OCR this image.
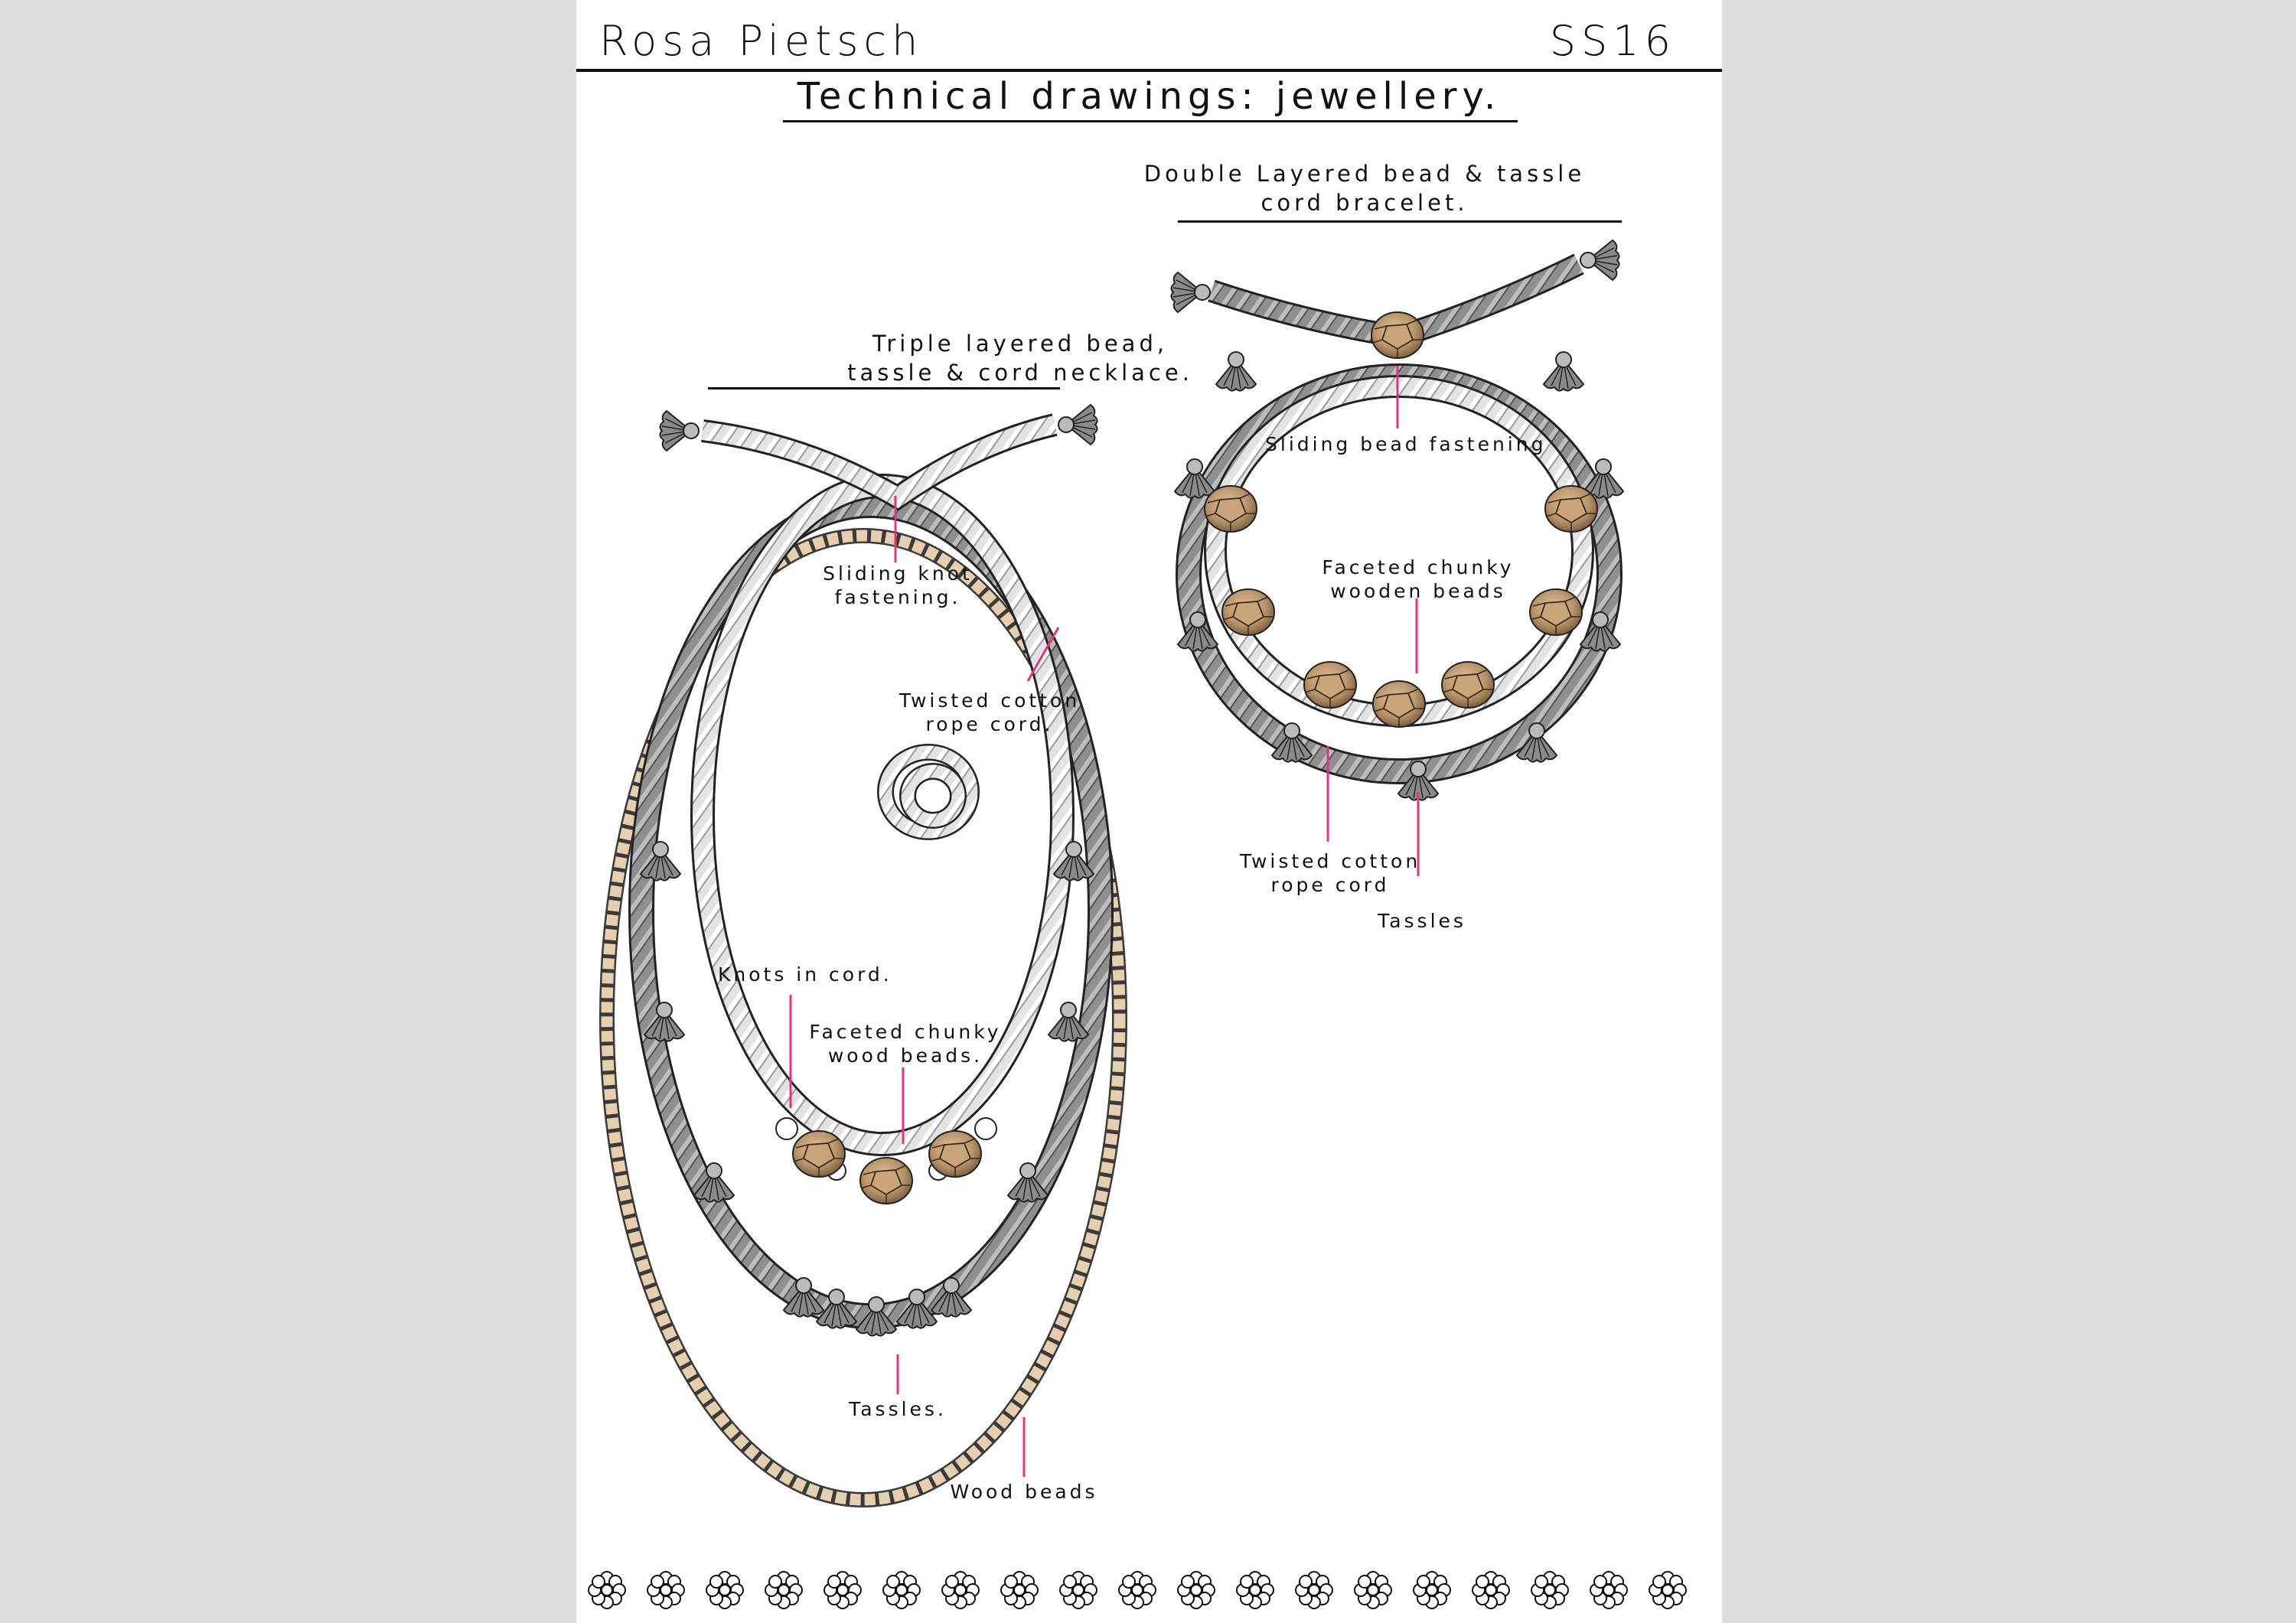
Rosa Pietsch	SS16
Technical drawings: jewellery.
Triple layered bead,
tassle & cord necklace.
Double Layered bead & tassle
cord bracelet.
Sliding knot
fastening.
Twisted cotton
rope cord.
Knots in cord.
Faceted chunky
wood beads.
Tassles.
Wood beads
Sliding bead fastening
Faceted chunky
wooden beads
Twisted cotton
rope cord
Tassles
